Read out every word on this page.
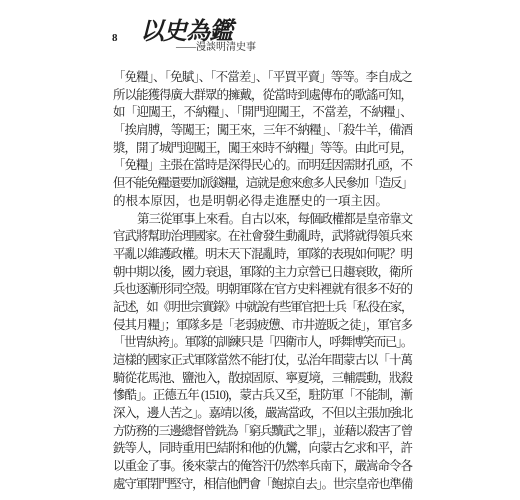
8 以史為鑑
——漫談明清史事
「免糧」、「免賦」、「不當差」、「平買平賣」等等。李自成之
所以能獲得廣大群眾的擁戴，從當時到處傳布的歌謠可知，
如「迎闖王，不納糧」、「開門迎闖王，不當差，不納糧」、
「挨肩膊，等闖王；闖王來，三年不納糧」、「殺牛羊，備酒
漿，開了城門迎闖王，闖王來時不納糧」等等。由此可見，
「免糧」主張在當時是深得民心的。而明廷因需財孔亟，不
但不能免糧還要加派錢糧，這就是愈來愈多人民參加「造反」
的根本原因，也是明朝必得走進歷史的一項主因。
第三從軍事上來看。自古以來，每個政權都是皇帝靠文
官武將幫助治理國家。在社會發生動亂時，武將就得領兵來
平亂以維護政權。明末天下混亂時，軍隊的表現如何呢？明
朝中期以後，國力衰退，軍隊的主力京營已日趨衰敗，衛所
兵也逐漸形同空殼。明朝軍隊在官方史料裡就有很多不好的
記述，如《明世宗實錄》中就說有些軍官把士兵「私役在家，
侵其月糧」；軍隊多是「老弱疲憊、市井遊販之徒」，軍官多
「世胄紈袴」。軍隊的訓練只是「四衛市人，呼舞博笑而已」。
這樣的國家正式軍隊當然不能打仗，弘治年間蒙古以「十萬
騎從花馬池、鹽池入，散掠固原、寧夏境，三輔震動，戕殺
慘酷」。正德五年 (1510)，蒙古兵又至，駐防軍「不能制，漸
深入，邊人苦之」。嘉靖以後，嚴嵩當政，不但以主張加強北
方防務的三邊總督曾銑為「窮兵黷武之罪」，並藉以殺害了曾
銑等人，同時重用巴結附和他的仇鸞，向蒙古乞求和平，許
以重金了事。後來蒙古的俺答汗仍然率兵南下，嚴嵩命令各
處守軍閉門堅守，相信他們會「飽掠自去」。世宗皇帝也準備
